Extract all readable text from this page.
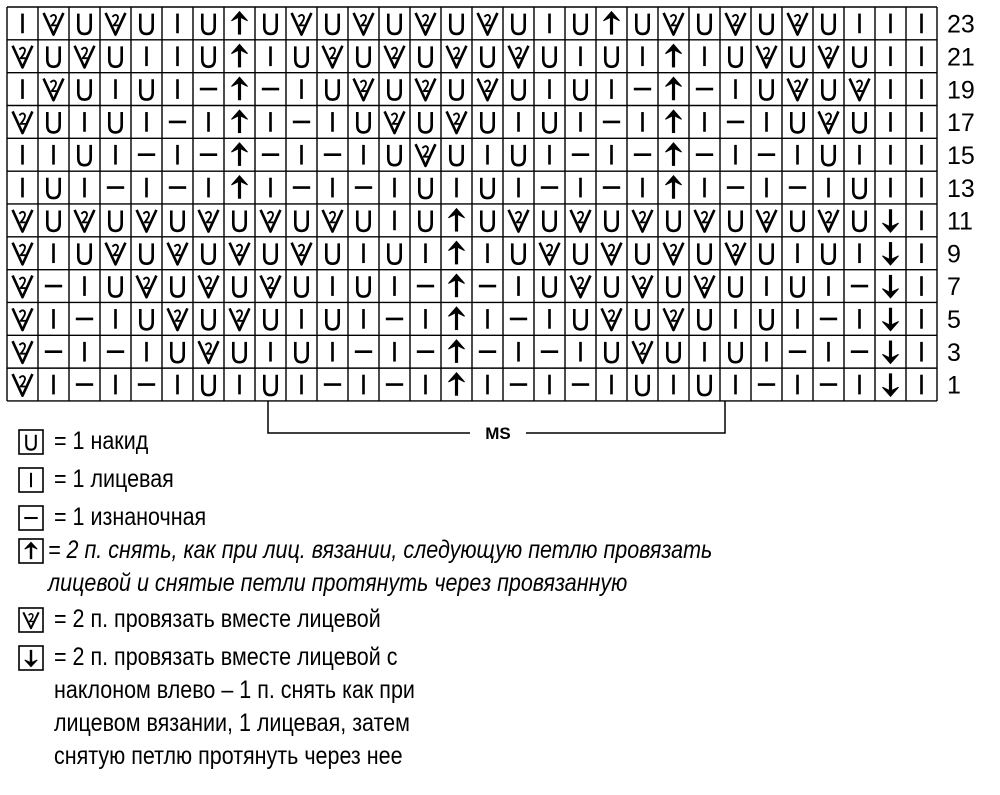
23
21
19
17
15
13
11
9
7
5
3
1
MS
= 1 накид
= 1 лицевая
= 1 изнаночная
= 2 п. снять, как при лиц. вязании, следующую петлю провязать
лицевой и снятые петли протянуть через провязанную
= 2 п. провязать вместе лицевой
= 2 п. провязать вместе лицевой с
наклоном влево – 1 п. снять как при
лицевом вязании, 1 лицевая, затем
снятую петлю протянуть через нее
